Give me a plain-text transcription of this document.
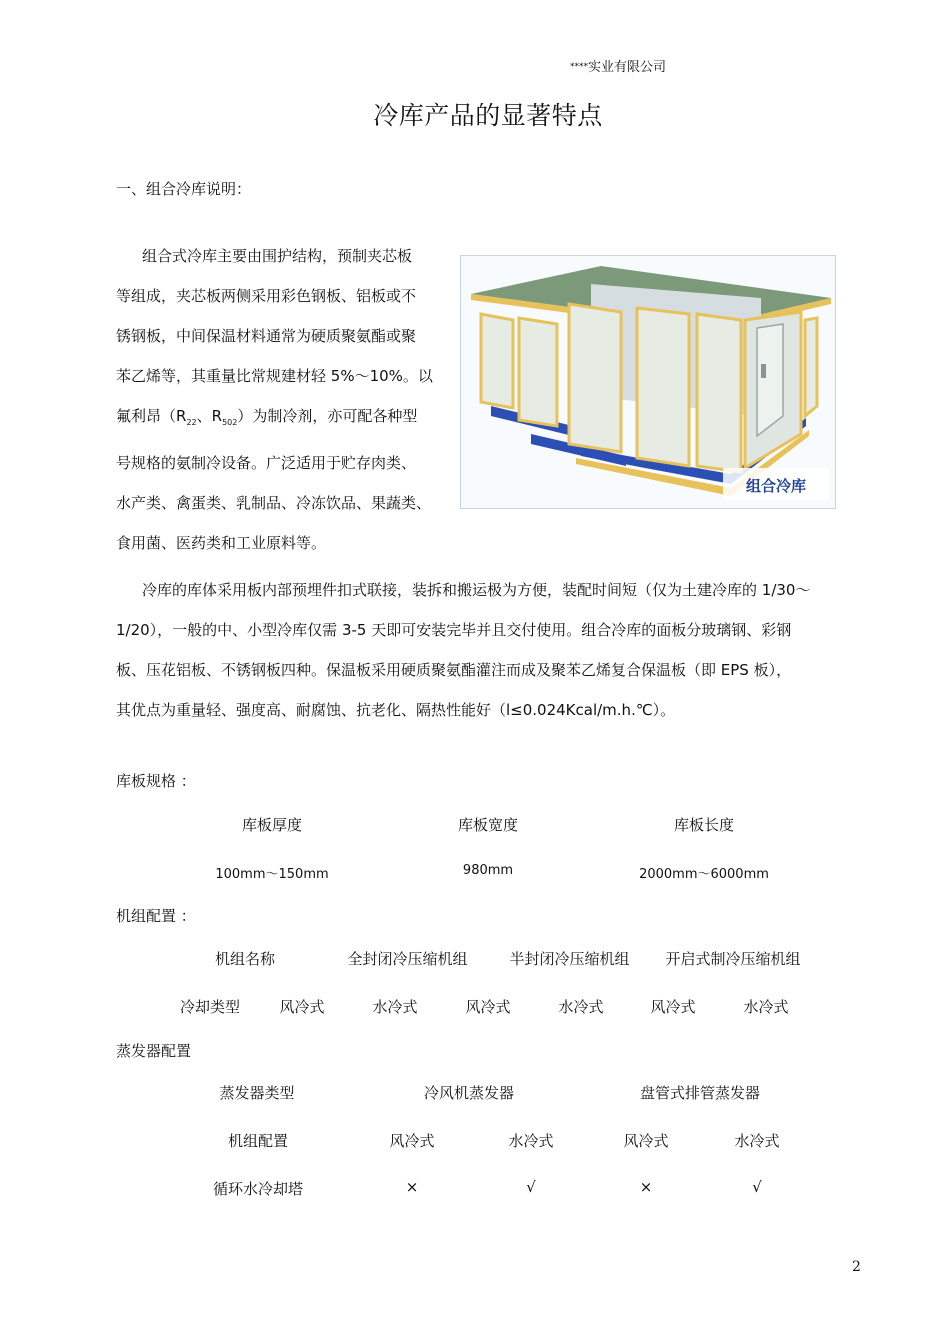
****实业有限公司
冷库产品的显著特点
一、组合冷库说明：
组合式冷库主要由围护结构，预制夹芯板
等组成，夹芯板两侧采用彩色钢板、铝板或不
锈钢板，中间保温材料通常为硬质聚氨酯或聚
苯乙烯等，其重量比常规建材轻 5%～10%。以
氟利昂（$R_{22}$、$R_{502}$）为制冷剂，亦可配各种型
号规格的氨制冷设备。广泛适用于贮存肉类、
水产类、禽蛋类、乳制品、冷冻饮品、果蔬类、
食用菌、医药类和工业原料等。
组合冷库
冷库的库体采用板内部预埋件扣式联接，装拆和搬运极为方便，装配时间短（仅为土建冷库的 1/30～
1/20），一般的中、小型冷库仅需 3-5 天即可安装完毕并且交付使用。组合冷库的面板分玻璃钢、彩钢
板、压花铝板、不锈钢板四种。保温板采用硬质聚氨酯灌注而成及聚苯乙烯复合保温板（即 EPS 板），
其优点为重量轻、强度高、耐腐蚀、抗老化、隔热性能好（l≤0.024Kcal/m.h.℃）。
库板规格 ：
库板厚度	库板宽度	库板长度
100mm～150mm	980mm	2000mm～6000mm
机组配置 ：
机组名称	全封闭冷压缩机组	半封闭冷压缩机组	开启式制冷压缩机组
冷却类型	风冷式	水冷式	风冷式	水冷式	风冷式	水冷式
蒸发器配置
蒸发器类型	冷风机蒸发器	盘管式排管蒸发器
机组配置	风冷式	水冷式	风冷式	水冷式
循环水冷却塔	×	√	×	√
2
